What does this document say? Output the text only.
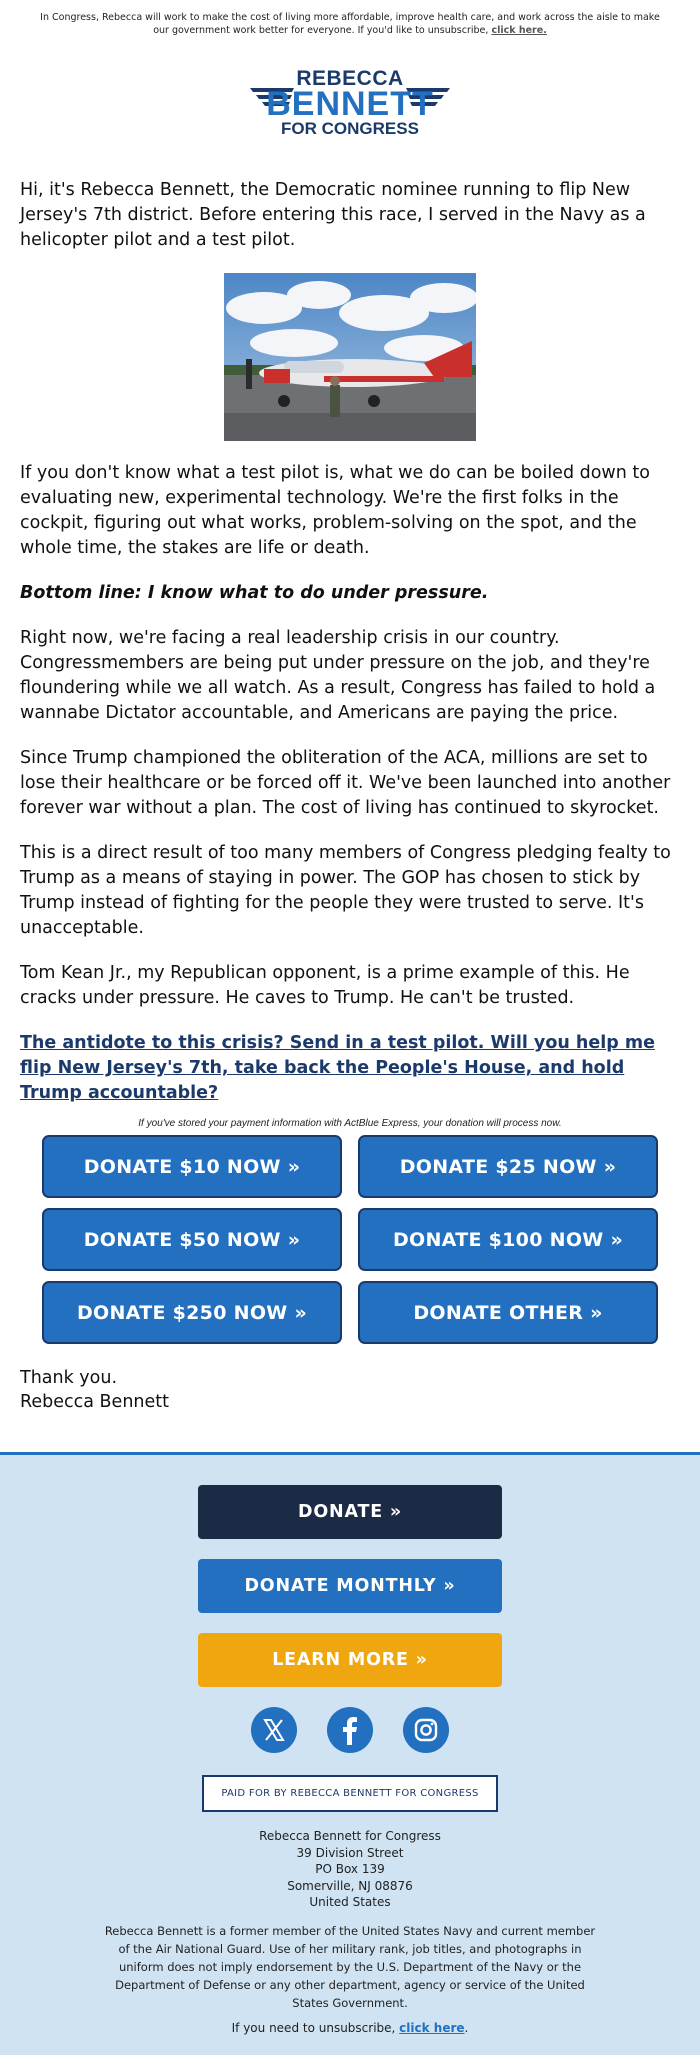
In Congress, Rebecca will work to make the cost of living more affordable, improve health care, and work across the aisle to make our government work better for everyone. If you'd like to unsubscribe, click here.
REBECCA
BENNETT
FOR CONGRESS

Hi, it's Rebecca Bennett, the Democratic nominee running to flip New Jersey's 7th district. Before entering this race, I served in the Navy as a helicopter pilot and a test pilot.

If you don't know what a test pilot is, what we do can be boiled down to evaluating new, experimental technology. We're the first folks in the cockpit, figuring out what works, problem-solving on the spot, and the whole time, the stakes are life or death.

Bottom line: I know what to do under pressure.

Right now, we're facing a real leadership crisis in our country. Congressmembers are being put under pressure on the job, and they're floundering while we all watch. As a result, Congress has failed to hold a wannabe Dictator accountable, and Americans are paying the price.

Since Trump championed the obliteration of the ACA, millions are set to lose their healthcare or be forced off it. We've been launched into another forever war without a plan. The cost of living has continued to skyrocket.

This is a direct result of too many members of Congress pledging fealty to Trump as a means of staying in power. The GOP has chosen to stick by Trump instead of fighting for the people they were trusted to serve. It's unacceptable.

Tom Kean Jr., my Republican opponent, is a prime example of this. He cracks under pressure. He caves to Trump. He can't be trusted.

The antidote to this crisis? Send in a test pilot. Will you help me flip New Jersey's 7th, take back the People's House, and hold Trump accountable?
If you've stored your payment information with ActBlue Express, your donation will process now.
DONATE $10 NOW »	DONATE $25 NOW »
DONATE $50 NOW »	DONATE $100 NOW »
DONATE $250 NOW »	DONATE OTHER »
Thank you.
Rebecca Bennett
DONATE »
DONATE MONTHLY »
LEARN MORE »
PAID FOR BY REBECCA BENNETT FOR CONGRESS
Rebecca Bennett for Congress
39 Division Street
PO Box 139
Somerville, NJ 08876
United States
Rebecca Bennett is a former member of the United States Navy and current member of the Air National Guard. Use of her military rank, job titles, and photographs in uniform does not imply endorsement by the U.S. Department of the Navy or the Department of Defense or any other department, agency or service of the United States Government.
If you need to unsubscribe, click here.
